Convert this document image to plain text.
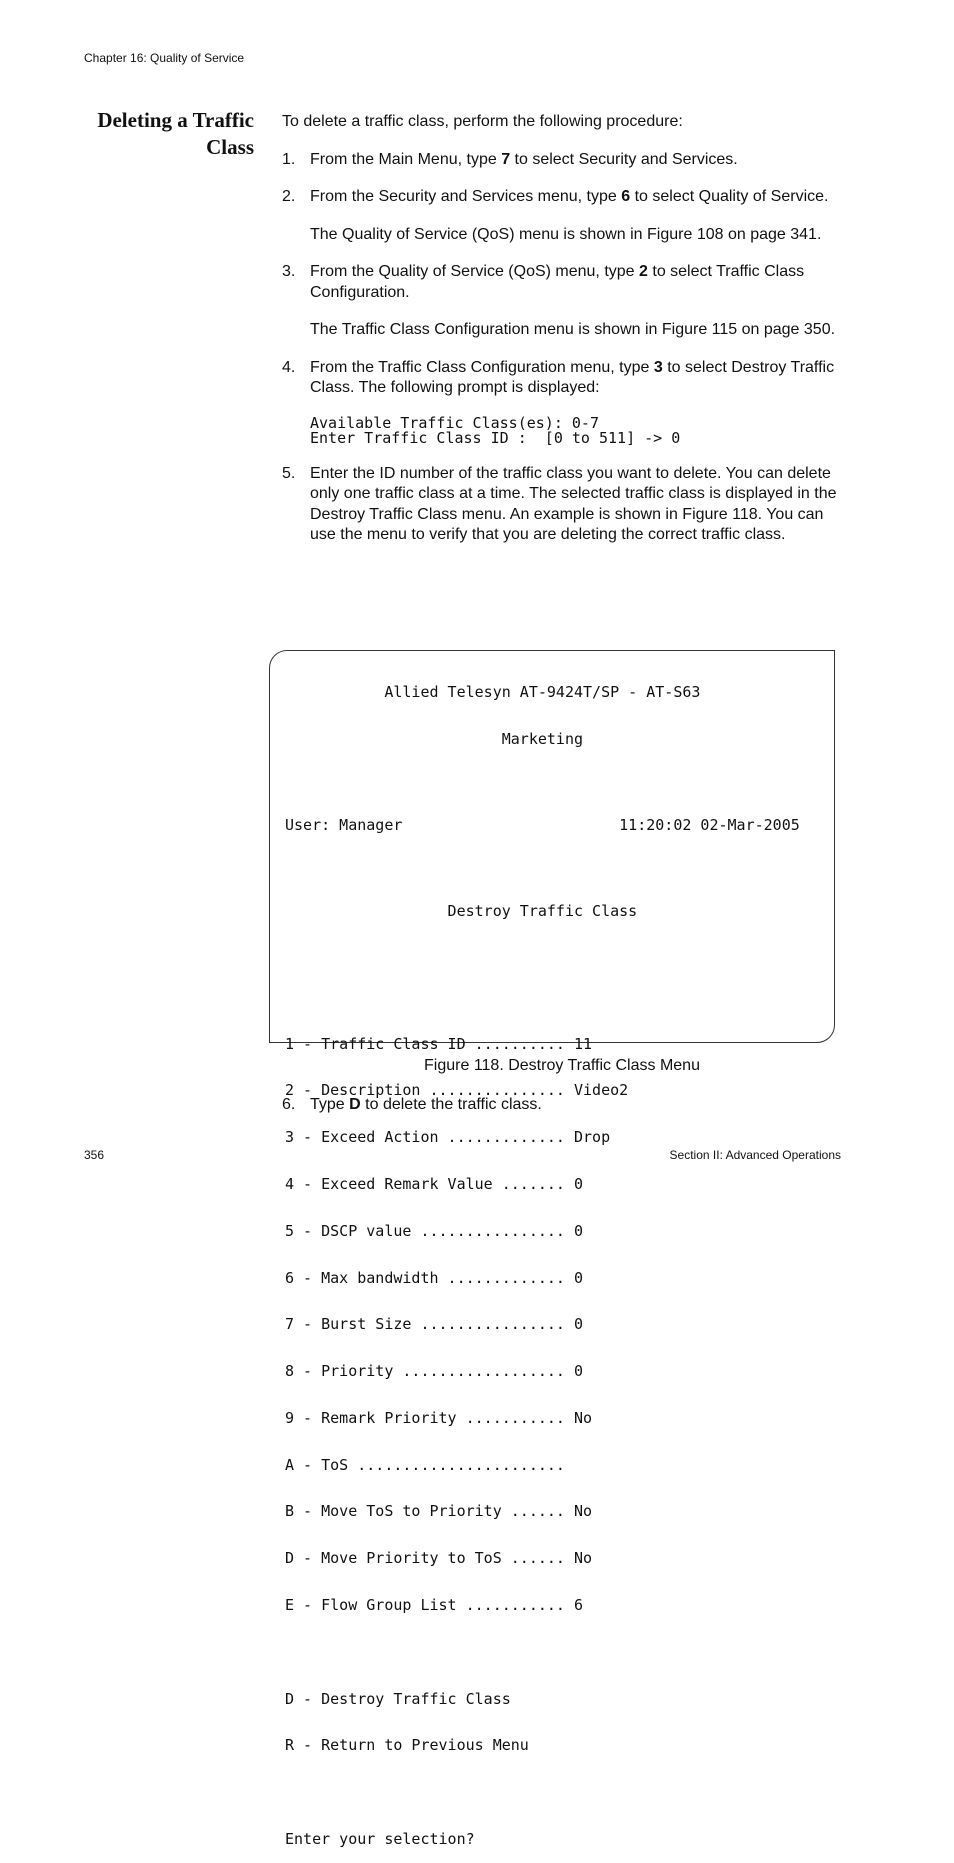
Chapter 16: Quality of Service
Deleting a Traffic
Class

To delete a traffic class, perform the following procedure:

1. From the Main Menu, type 7 to select Security and Services.

2. From the Security and Services menu, type 6 to select Quality of Service.

The Quality of Service (QoS) menu is shown in Figure 108 on page 341.

3. From the Quality of Service (QoS) menu, type 2 to select Traffic Class Configuration.

The Traffic Class Configuration menu is shown in Figure 115 on page 350.

4. From the Traffic Class Configuration menu, type 3 to select Destroy Traffic Class. The following prompt is displayed:

Available Traffic Class(es): 0-7
Enter Traffic Class ID :  [0 to 511] -> 0
5. Enter the ID number of the traffic class you want to delete. You can delete only one traffic class at a time. The selected traffic class is displayed in the Destroy Traffic Class menu. An example is shown in Figure 118. You can use the menu to verify that you are deleting the correct traffic class.

Allied Telesyn AT-9424T/SP - AT-S63

Marketing

User: Manager                        11:20:02 02-Mar-2005

Destroy Traffic Class

1 - Traffic Class ID .......... 11

2 - Description ............... Video2

3 - Exceed Action ............. Drop

4 - Exceed Remark Value ....... 0

5 - DSCP value ................ 0

6 - Max bandwidth ............. 0

7 - Burst Size ................ 0

8 - Priority .................. 0

9 - Remark Priority ........... No

A - ToS .......................

B - Move ToS to Priority ...... No

D - Move Priority to ToS ...... No

E - Flow Group List ........... 6

D - Destroy Traffic Class

R - Return to Previous Menu

Enter your selection?

Figure 118. Destroy Traffic Class Menu
6. Type D to delete the traffic class.
356	Section II: Advanced Operations
